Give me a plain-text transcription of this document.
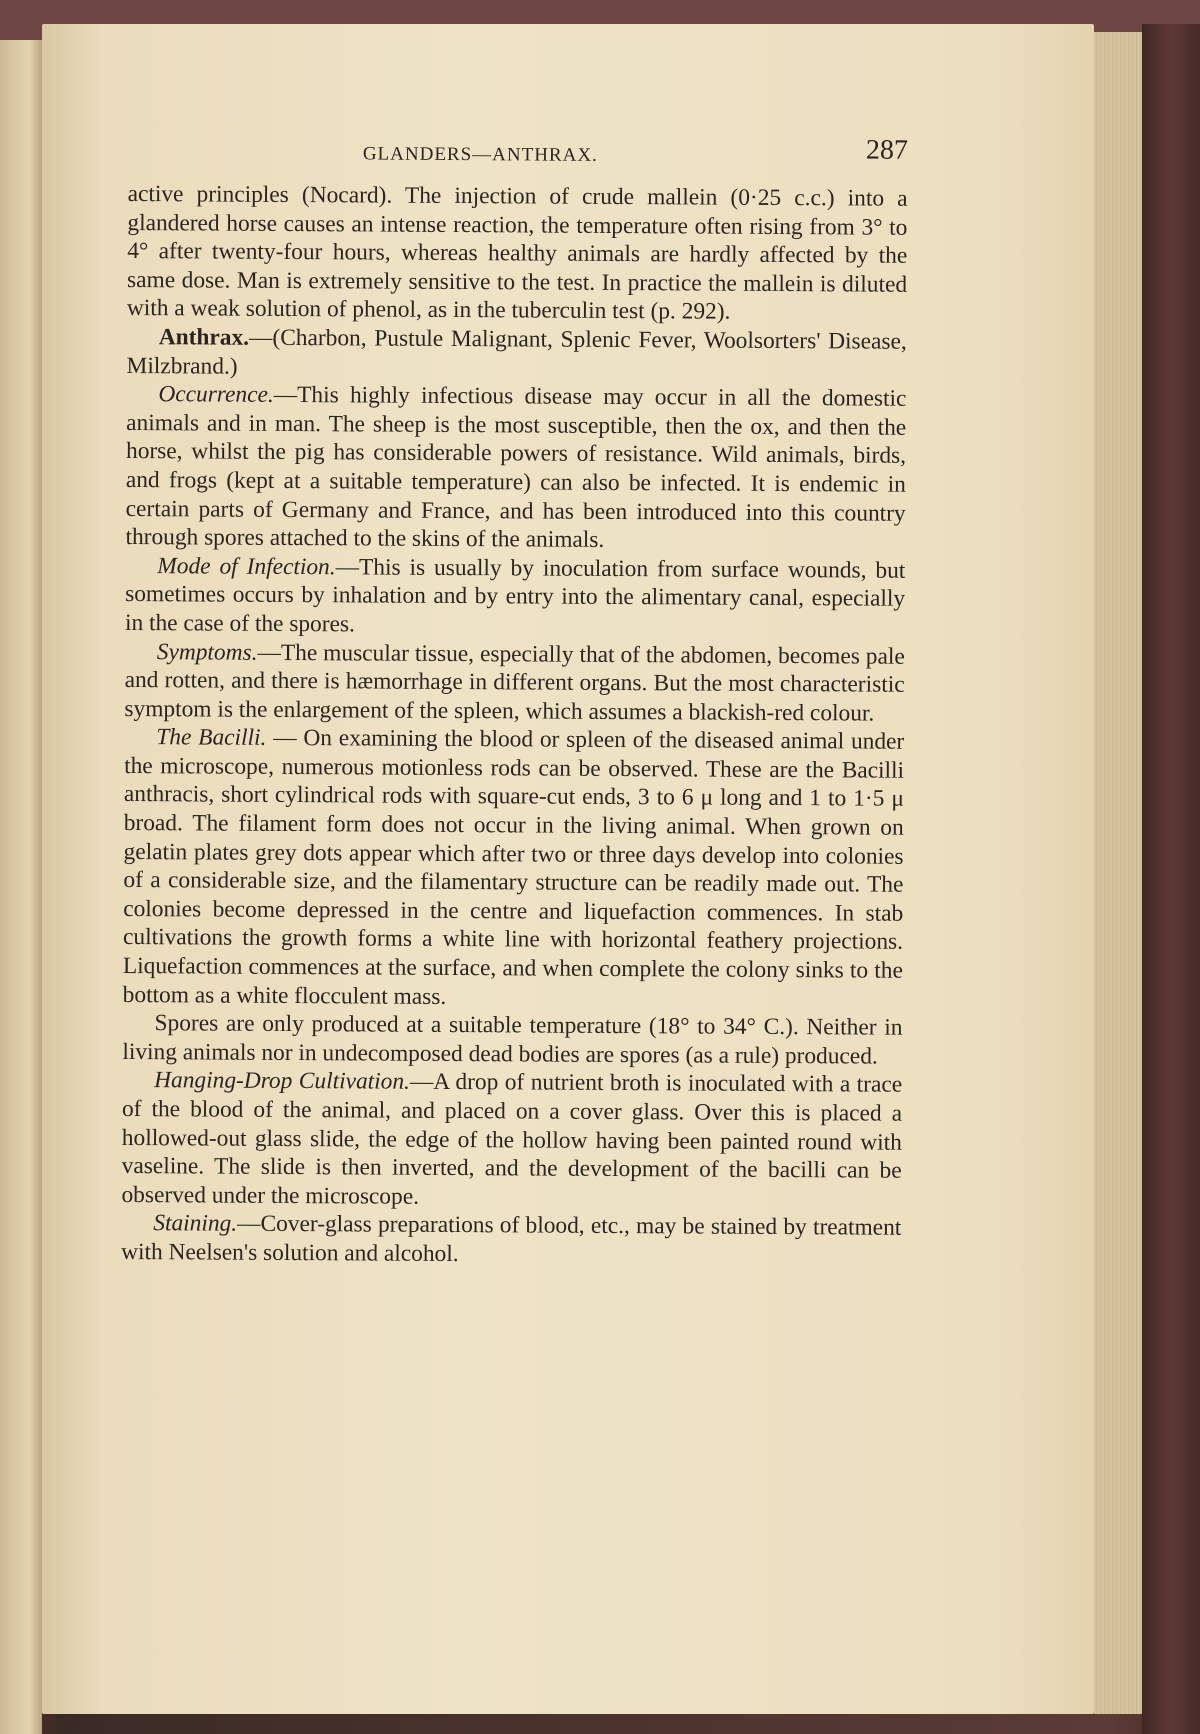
GLANDERS—ANTHRAX.	287

active principles (Nocard). The injection of crude mallein (0·25 c.c.) into a glandered horse causes an intense reaction, the temperature often rising from 3° to 4° after twenty-four hours, whereas healthy animals are hardly affected by the same dose. Man is extremely sensitive to the test. In practice the mallein is diluted with a weak solution of phenol, as in the tuberculin test (p. 292).

Anthrax.—(Charbon, Pustule Malignant, Splenic Fever, Woolsorters' Disease, Milzbrand.)

Occurrence.—This highly infectious disease may occur in all the domestic animals and in man. The sheep is the most susceptible, then the ox, and then the horse, whilst the pig has considerable powers of resistance. Wild animals, birds, and frogs (kept at a suitable temperature) can also be infected. It is endemic in certain parts of Germany and France, and has been introduced into this country through spores attached to the skins of the animals.

Mode of Infection.—This is usually by inoculation from surface wounds, but sometimes occurs by inhalation and by entry into the alimentary canal, especially in the case of the spores.

Symptoms.—The muscular tissue, especially that of the abdomen, becomes pale and rotten, and there is hæmorrhage in different organs. But the most characteristic symptom is the enlargement of the spleen, which assumes a blackish-red colour.

The Bacilli. — On examining the blood or spleen of the diseased animal under the microscope, numerous motionless rods can be observed. These are the Bacilli anthracis, short cylindrical rods with square-cut ends, 3 to 6 μ long and 1 to 1·5 μ broad. The filament form does not occur in the living animal. When grown on gelatin plates grey dots appear which after two or three days develop into colonies of a considerable size, and the filamentary structure can be readily made out. The colonies become depressed in the centre and liquefaction commences. In stab cultivations the growth forms a white line with horizontal feathery projections. Liquefaction commences at the surface, and when complete the colony sinks to the bottom as a white flocculent mass.

Spores are only produced at a suitable temperature (18° to 34° C.). Neither in living animals nor in undecomposed dead bodies are spores (as a rule) produced.

Hanging-Drop Cultivation.—A drop of nutrient broth is inoculated with a trace of the blood of the animal, and placed on a cover glass. Over this is placed a hollowed-out glass slide, the edge of the hollow having been painted round with vaseline. The slide is then inverted, and the development of the bacilli can be observed under the microscope.

Staining.—Cover-glass preparations of blood, etc., may be stained by treatment with Neelsen's solution and alcohol.
